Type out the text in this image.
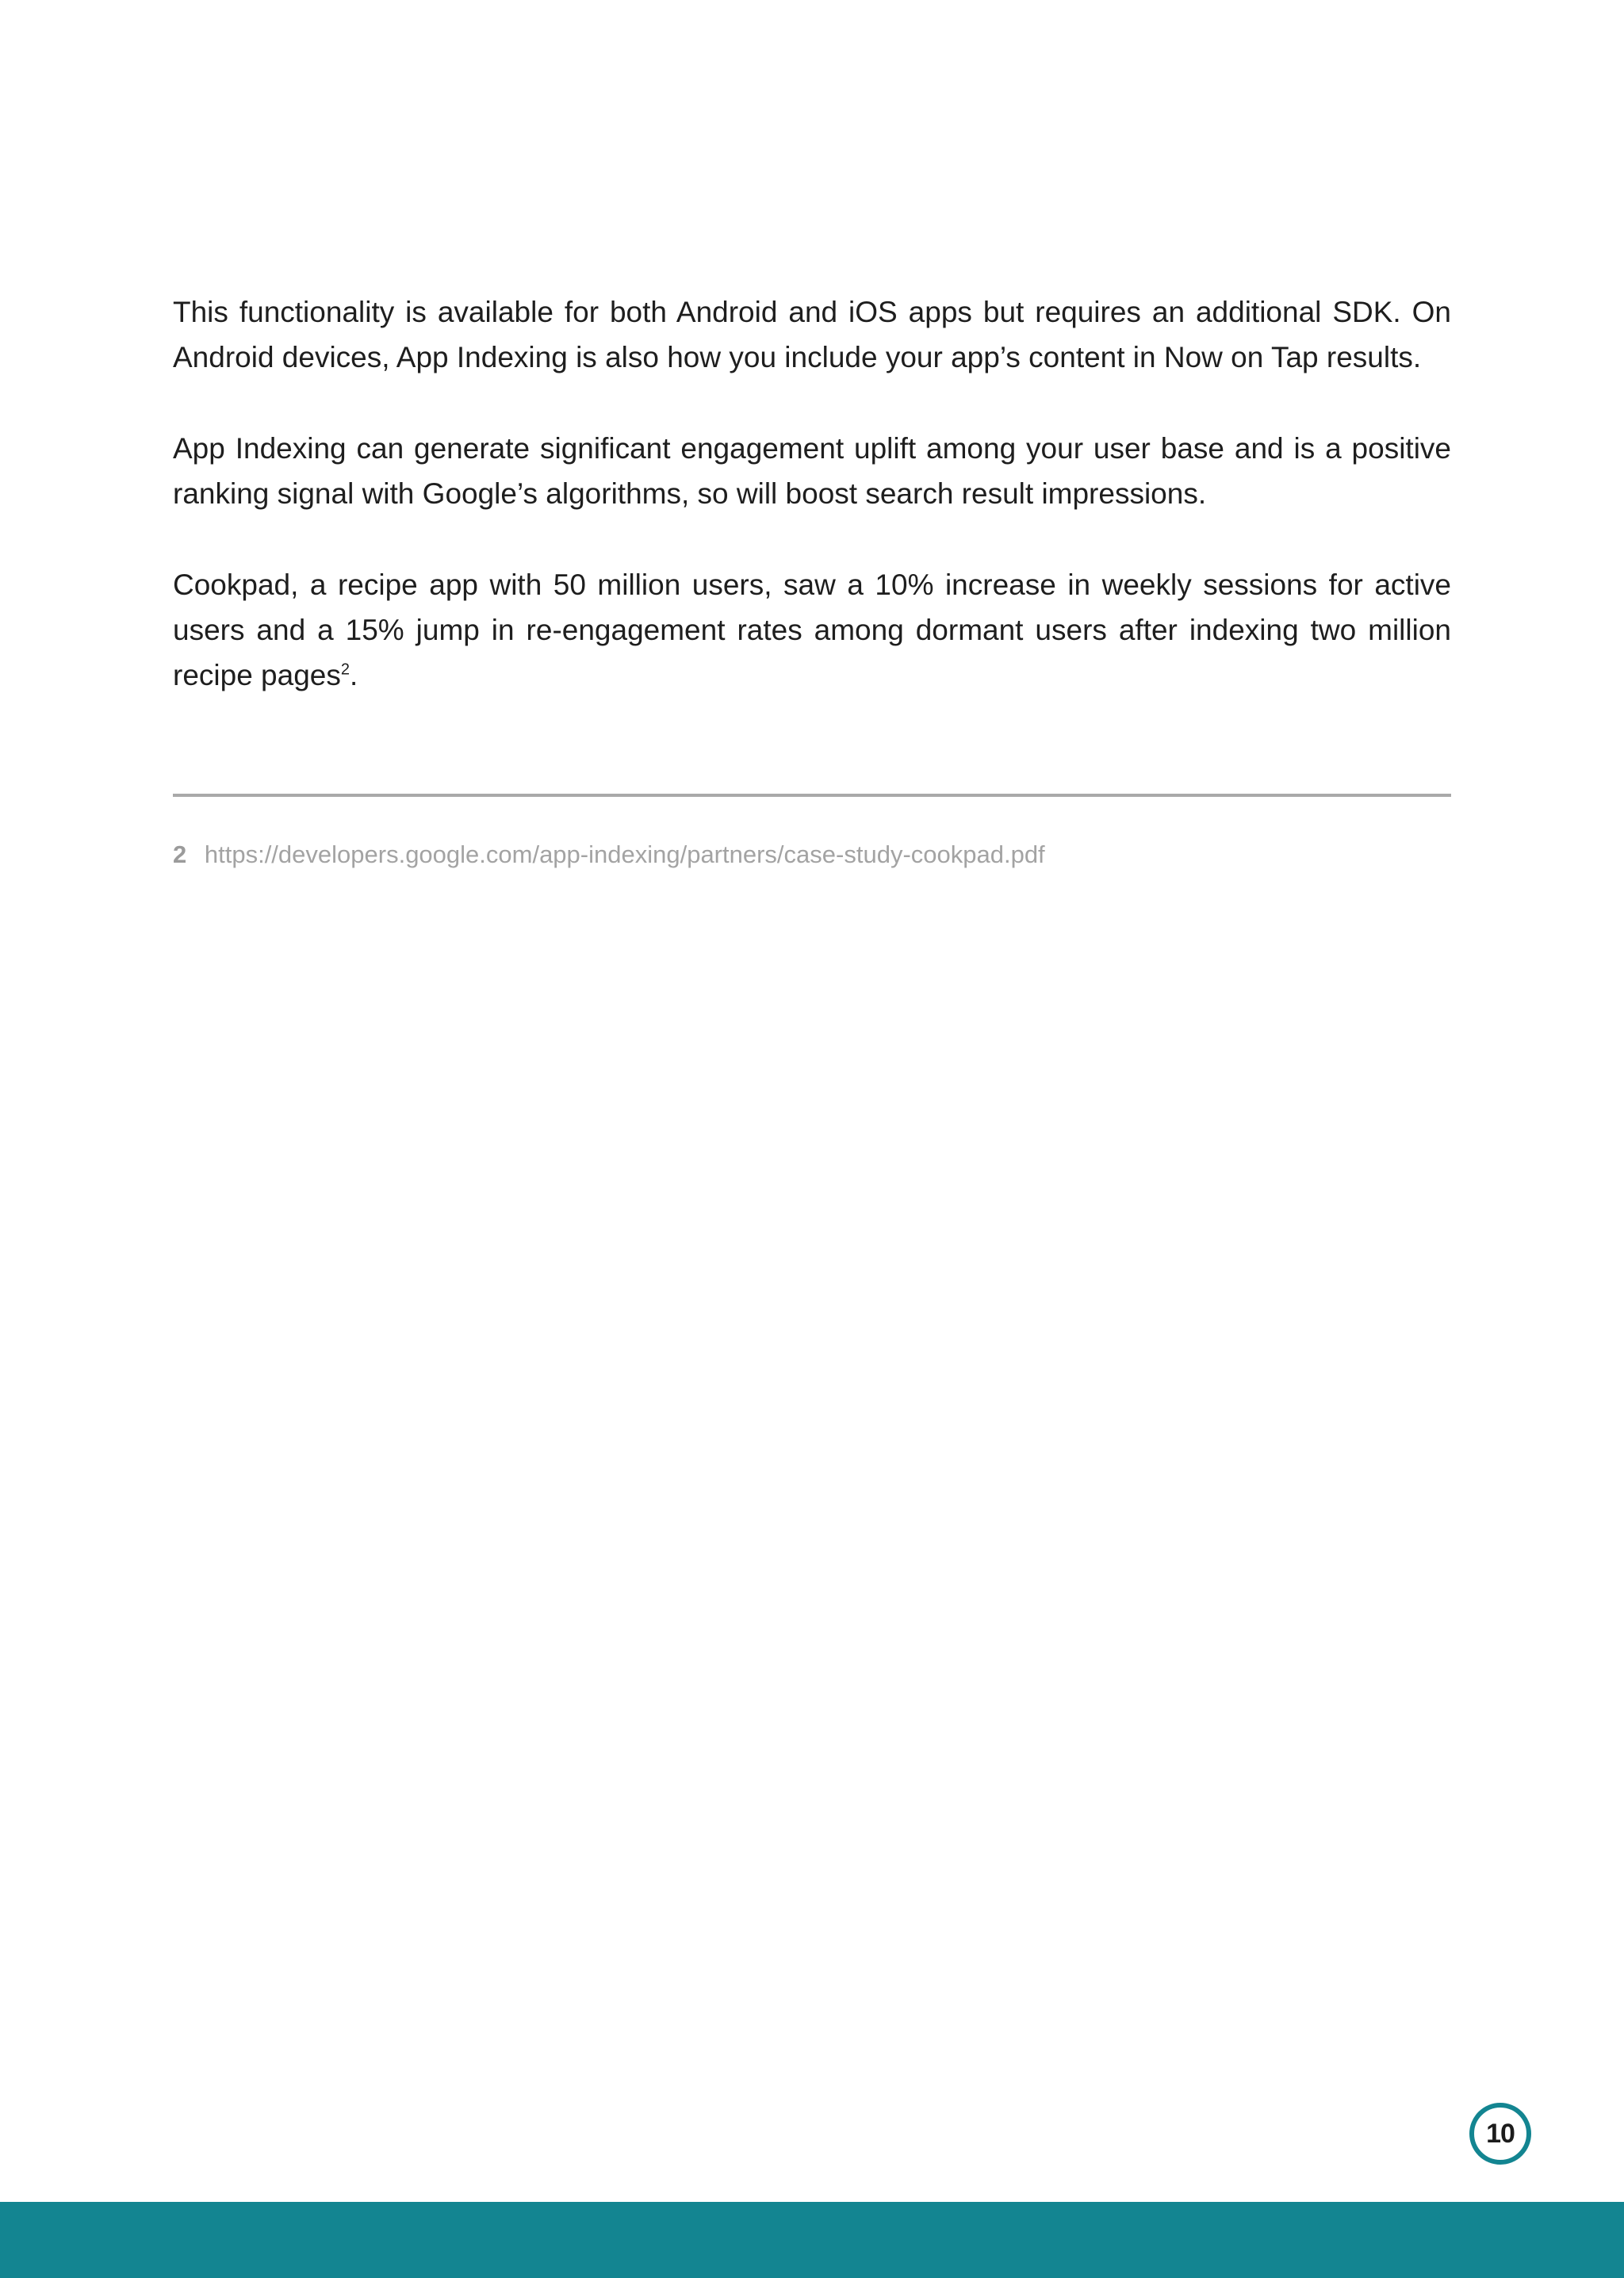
This functionality is available for both Android and iOS apps but requires an additional SDK. On Android devices, App Indexing is also how you include your app’s content in Now on Tap results.

App Indexing can generate significant engagement uplift among your user base and is a positive ranking signal with Google’s algorithms, so will boost search result impressions.

Cookpad, a recipe app with 50 million users, saw a 10% increase in weekly sessions for active users and a 15% jump in re-engagement rates among dormant users after indexing two million recipe pages$^2$.

2 https://developers.google.com/app-indexing/partners/case-study-cookpad.pdf
10
